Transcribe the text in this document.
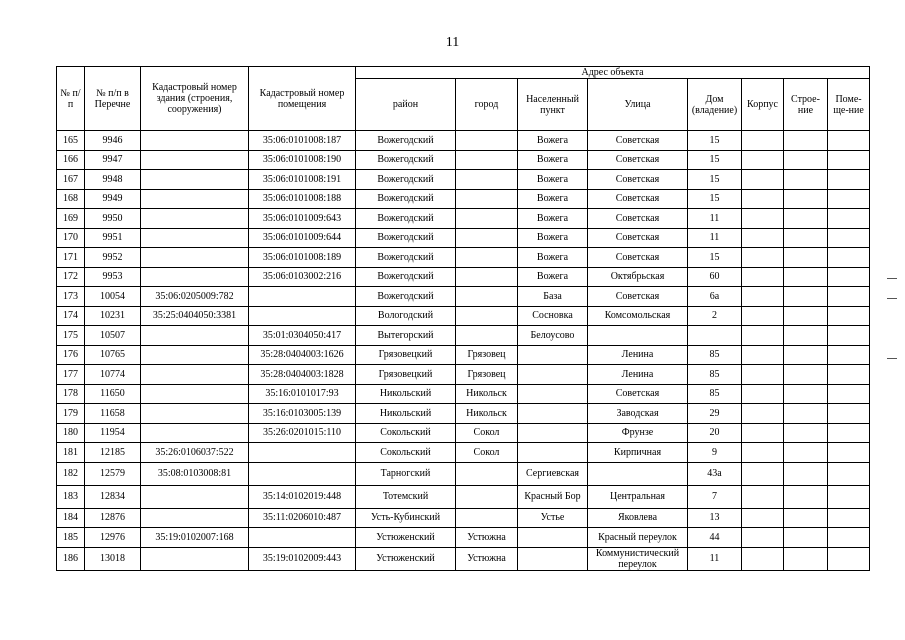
11
№ п/п	№ п/п в Перечне	Кадастровый номер здания (строения, сооружения)	Кадастровый номер помещения	Адрес объекта							
				район	город	Населенный пункт	Улица	Дом (владение)	Корпус	Строе-ние	Поме-ще-ние
165	9946		35:06:0101008:187	Вожегодский		Вожега	Советская	15			
166	9947		35:06:0101008:190	Вожегодский		Вожега	Советская	15			
167	9948		35:06:0101008:191	Вожегодский		Вожега	Советская	15			
168	9949		35:06:0101008:188	Вожегодский		Вожега	Советская	15			
169	9950		35:06:0101009:643	Вожегодский		Вожега	Советская	11			
170	9951		35:06:0101009:644	Вожегодский		Вожега	Советская	11			
171	9952		35:06:0101008:189	Вожегодский		Вожега	Советская	15			
172	9953		35:06:0103002:216	Вожегодский		Вожега	Октябрьская	60			
173	10054	35:06:0205009:782		Вожегодский		База	Советская	6а			
174	10231	35:25:0404050:3381		Вологодский		Сосновка	Комсомольская	2			
175	10507		35:01:0304050:417	Вытегорский		Белоусово					
176	10765		35:28:0404003:1626	Грязовецкий	Грязовец		Ленина	85			
177	10774		35:28:0404003:1828	Грязовецкий	Грязовец		Ленина	85			
178	11650		35:16:0101017:93	Никольский	Никольск		Советская	85			
179	11658		35:16:0103005:139	Никольский	Никольск		Заводская	29			
180	11954		35:26:0201015:110	Сокольский	Сокол		Фрунзе	20			
181	12185	35:26:0106037:522		Сокольский	Сокол		Кирпичная	9			
182	12579	35:08:0103008:81		Тарногский		Сергиевская		43а			
183	12834		35:14:0102019:448	Тотемский		Красный Бор	Центральная	7			
184	12876		35:11:0206010:487	Усть-Кубинский		Устье	Яковлева	13			
185	12976	35:19:0102007:168		Устюженский	Устюжна		Красный переулок	44			
186	13018		35:19:0102009:443	Устюженский	Устюжна		Коммунистический переулок	11			
